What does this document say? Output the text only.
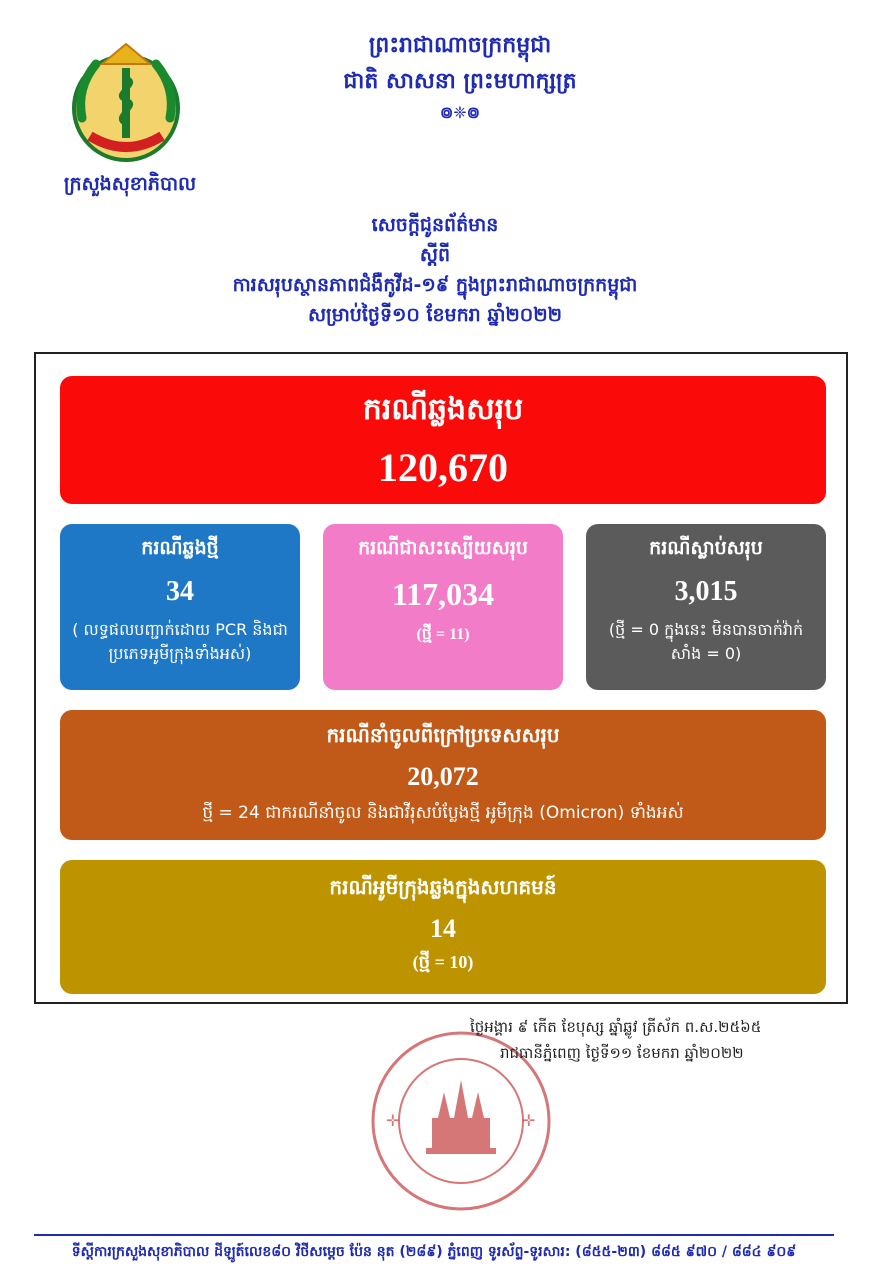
ក្រសួងសុខាភិបាល
ព្រះរាជាណាចក្រកម្ពុជា
ជាតិ សាសនា ព្រះមហាក្សត្រ
៙❈៙
សេចក្ដីជូនព័ត៌មាន
ស្ដីពី
ការសរុបស្ថានភាពជំងឺកូវីដ-១៩ ក្នុងព្រះរាជាណាចក្រកម្ពុជា
សម្រាប់ថ្ងៃទី១០ ខែមករា ឆ្នាំ២០២២
ករណីឆ្លងសរុប
120,670
ករណីឆ្លងថ្មី
34
( លទ្ធផលបញ្ជាក់ដោយ PCR និងជាប្រភេទអូមីក្រុងទាំងអស់)
ករណីជាសះស្បើយសរុប
117,034
(ថ្មី = 11)
ករណីស្លាប់សរុប
3,015
(ថ្មី = 0 ក្នុងនេះ មិនបានចាក់វ៉ាក់សាំង = 0)
ករណីនាំចូលពីក្រៅប្រទេសសរុប
20,072
ថ្មី = 24 ជាករណីនាំចូល និងជាវីរុសបំប្លែងថ្មី អូមីក្រុង (Omicron) ទាំងអស់
ករណីអូមីក្រុងឆ្លងក្នុងសហគមន៍
14
(ថ្មី = 10)
✛	✛
ថ្ងៃអង្គារ ៩ កើត ខែបុស្ស ឆ្នាំឆ្លូវ ត្រីស័ក ព.ស.២៥៦៥
រាជធានីភ្នំពេញ ថ្ងៃទី១១ ខែមករា ឆ្នាំ២០២២
ទីស្ដីការក្រសួងសុខាភិបាល ដីឡូត៍លេខ៨០ វិថីសម្ដេច ប៉ែន នុត (២៨៩) ភ្នំពេញ ទូរស័ព្ទ-ទូរសារ: (៨៥៥-២៣) ៨៨៥ ៩៧០ / ៨៨៤ ៩០៩
